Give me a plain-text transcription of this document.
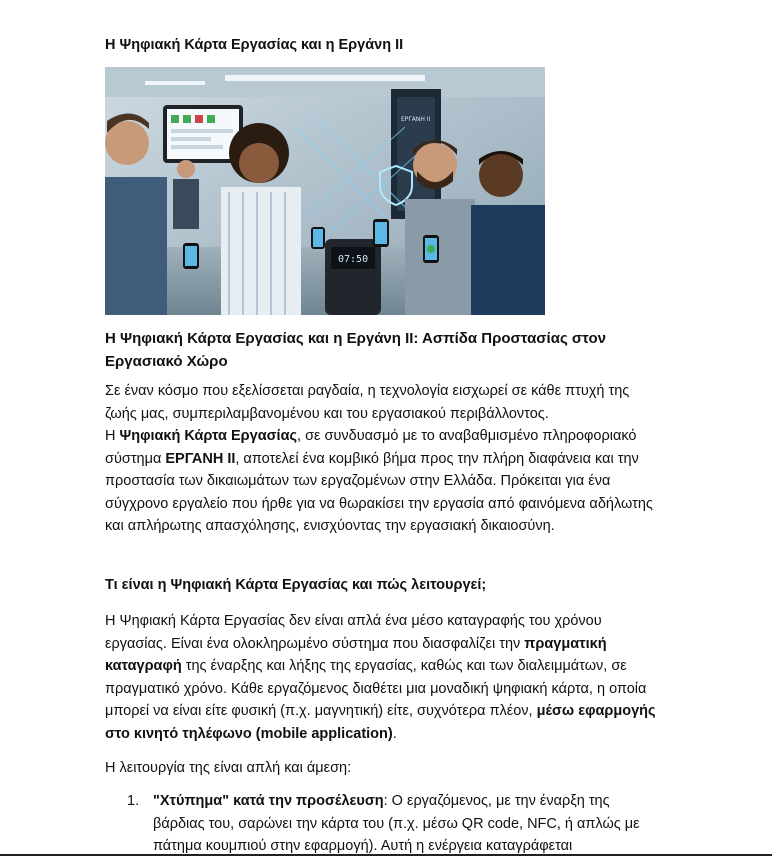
Η Ψηφιακή Κάρτα Εργασίας και η Εργάνη ΙΙ
ΕΡΓΑΝΗ ΙΙ
07:50
Η Ψηφιακή Κάρτα Εργασίας και η Εργάνη ΙΙ: Ασπίδα Προστασίας στον Εργασιακό Χώρο

Σε έναν κόσμο που εξελίσσεται ραγδαία, η τεχνολογία εισχωρεί σε κάθε πτυχή της ζωής μας, συμπεριλαμβανομένου και του εργασιακού περιβάλλοντος.
Η Ψηφιακή Κάρτα Εργασίας, σε συνδυασμό με το αναβαθμισμένο πληροφοριακό σύστημα ΕΡΓΑΝΗ ΙΙ, αποτελεί ένα κομβικό βήμα προς την πλήρη διαφάνεια και την προστασία των δικαιωμάτων των εργαζομένων στην Ελλάδα. Πρόκειται για ένα σύγχρονο εργαλείο που ήρθε για να θωρακίσει την εργασία από φαινόμενα αδήλωτης και απλήρωτης απασχόλησης, ενισχύοντας την εργασιακή δικαιοσύνη.

Τι είναι η Ψηφιακή Κάρτα Εργασίας και πώς λειτουργεί;

Η Ψηφιακή Κάρτα Εργασίας δεν είναι απλά ένα μέσο καταγραφής του χρόνου εργασίας. Είναι ένα ολοκληρωμένο σύστημα που διασφαλίζει την πραγματική καταγραφή της έναρξης και λήξης της εργασίας, καθώς και των διαλειμμάτων, σε πραγματικό χρόνο. Κάθε εργαζόμενος διαθέτει μια μοναδική ψηφιακή κάρτα, η οποία μπορεί να είναι είτε φυσική (π.χ. μαγνητική) είτε, συχνότερα πλέον, μέσω εφαρμογής στο κινητό τηλέφωνο (mobile application).

Η λειτουργία της είναι απλή και άμεση:

1. "Χτύπημα" κατά την προσέλευση: Ο εργαζόμενος, με την έναρξη της βάρδιας του, σαρώνει την κάρτα του (π.χ. μέσω QR code, NFC, ή απλώς με πάτημα κουμπιού στην εφαρμογή). Αυτή η ενέργεια καταγράφεται
